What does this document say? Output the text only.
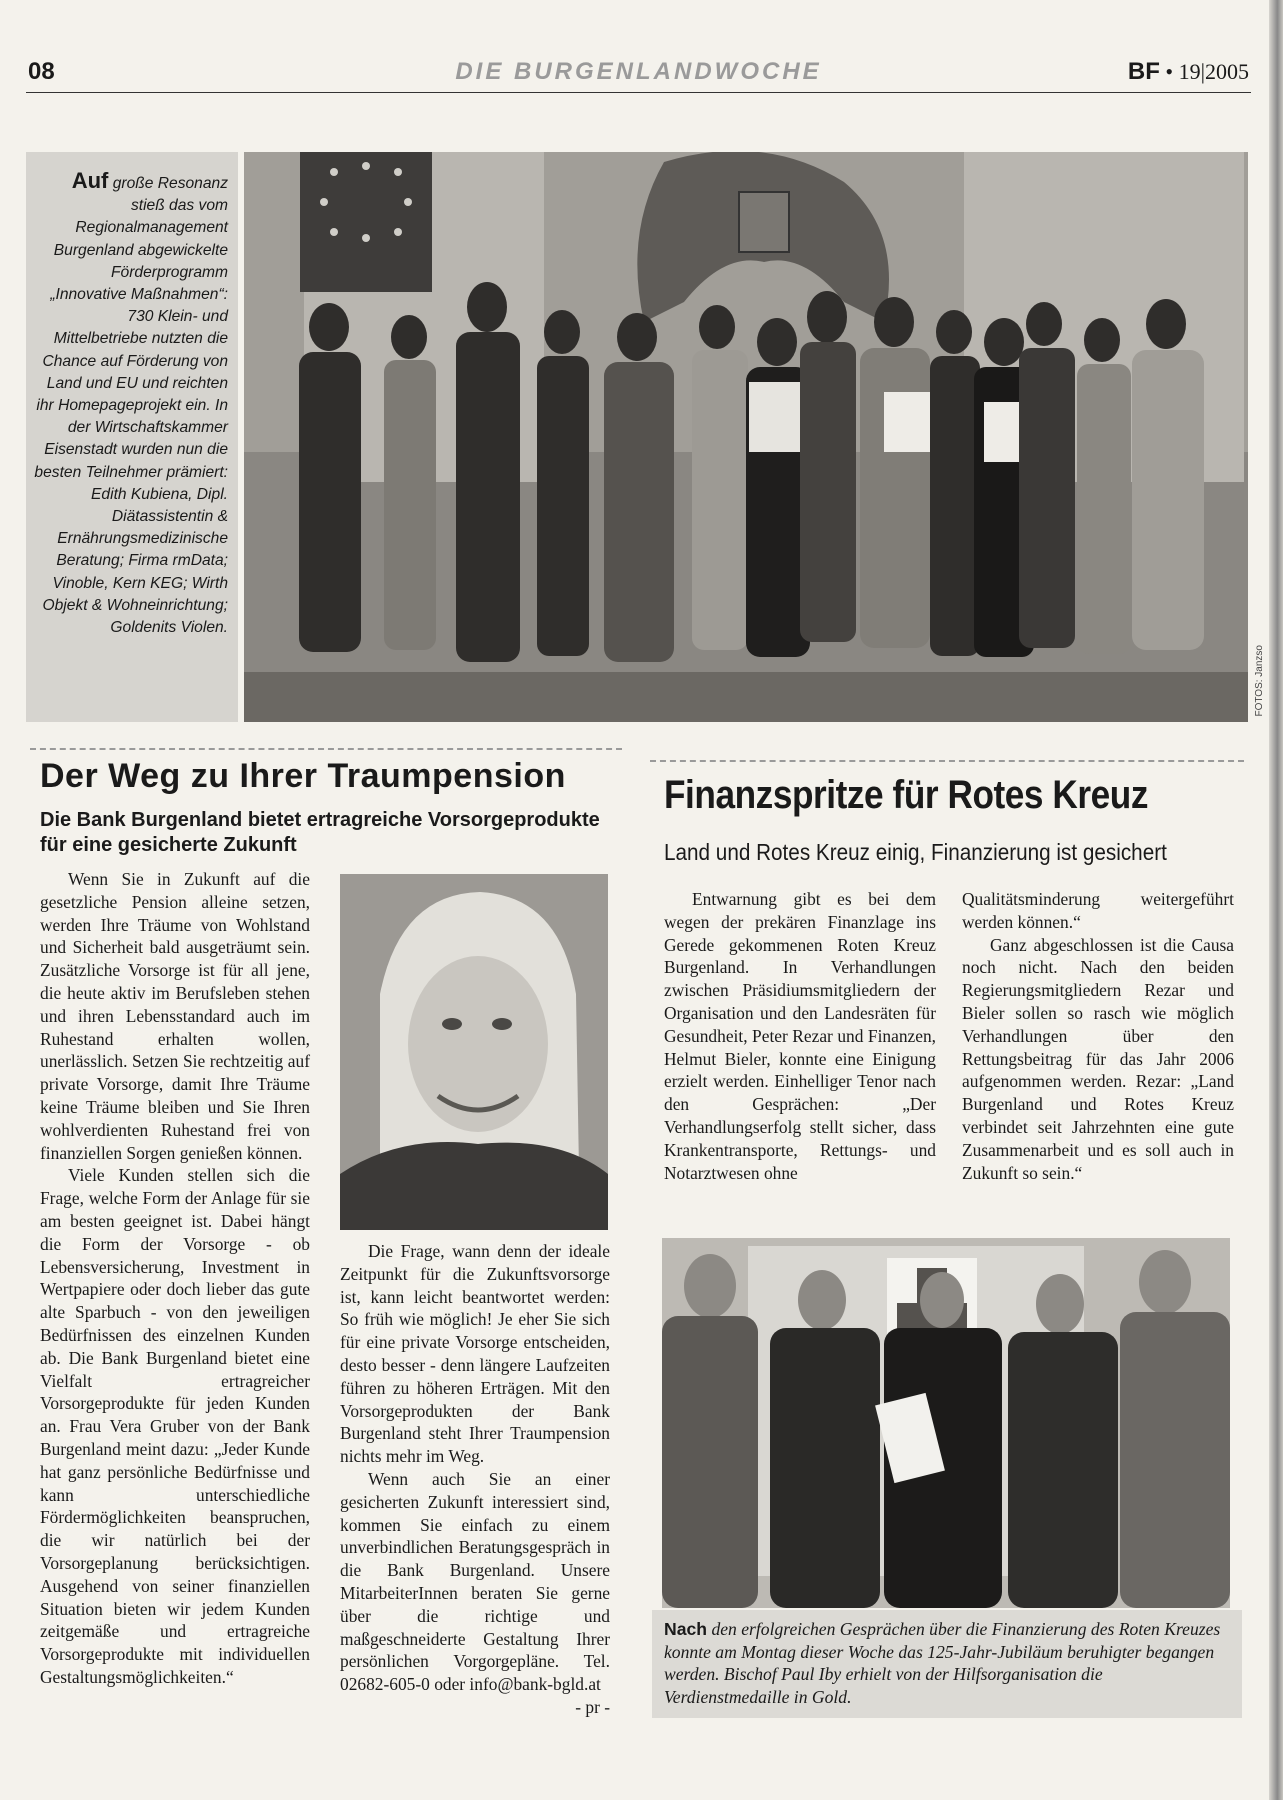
08	DIE BURGENLANDWOCHE	BF • 19|2005

Auf große Resonanz stieß das vom Regionalmanagement Burgenland abgewickelte Förderprogramm „Innovative Maßnahmen“: 730 Klein- und Mittelbetriebe nutzten die Chance auf Förderung von Land und EU und reichten ihr Homepageprojekt ein. In der Wirtschaftskammer Eisenstadt wurden nun die besten Teilnehmer prämiert: Edith Kubiena, Dipl. Diätassistentin & Ernährungsmedizinische Beratung; Firma rmData; Vinoble, Kern KEG; Wirth Objekt & Wohneinrichtung; Goldenits Violen.

FOTOS: Janzso
Der Weg zu Ihrer Traumpension
Die Bank Burgenland bietet ertragreiche Vorsorgeprodukte für eine gesicherte Zukunft

Wenn Sie in Zukunft auf die gesetzliche Pension alleine setzen, werden Ihre Träume von Wohlstand und Sicherheit bald ausgeträumt sein. Zusätzliche Vorsorge ist für all jene, die heute aktiv im Berufsleben stehen und ihren Lebensstandard auch im Ruhestand erhalten wollen, unerlässlich. Setzen Sie rechtzeitig auf private Vorsorge, damit Ihre Träume keine Träume bleiben und Sie Ihren wohlverdienten Ruhestand frei von finanziellen Sorgen genießen können.

Viele Kunden stellen sich die Frage, welche Form der Anlage für sie am besten geeignet ist. Dabei hängt die Form der Vorsorge - ob Lebensversicherung, Investment in Wertpapiere oder doch lieber das gute alte Sparbuch - von den jeweiligen Bedürfnissen des einzelnen Kunden ab. Die Bank Burgenland bietet eine Vielfalt ertragreicher Vorsorgeprodukte für jeden Kunden an. Frau Vera Gruber von der Bank Burgenland meint dazu: „Jeder Kunde hat ganz persönliche Bedürfnisse und kann unterschiedliche Fördermöglichkeiten beanspruchen, die wir natürlich bei der Vorsorgeplanung berücksichtigen. Ausgehend von seiner finanziellen Situation bieten wir jedem Kunden zeitgemäße und ertragreiche Vorsorgeprodukte mit individuellen Gestaltungsmöglichkeiten.“

Die Frage, wann denn der ideale Zeitpunkt für die Zukunftsvorsorge ist, kann leicht beantwortet werden: So früh wie möglich! Je eher Sie sich für eine private Vorsorge entscheiden, desto besser - denn längere Laufzeiten führen zu höheren Erträgen. Mit den Vorsorgeprodukten der Bank Burgenland steht Ihrer Traumpension nichts mehr im Weg.

Wenn auch Sie an einer gesicherten Zukunft interessiert sind, kommen Sie einfach zu einem unverbindlichen Beratungsgespräch in die Bank Burgenland. Unsere MitarbeiterInnen beraten Sie gerne über die richtige und maßgeschneiderte Gestaltung Ihrer persönlichen Vorgorgepläne. Tel. 02682-605-0 oder info@bank-bgld.at
- pr -

Finanzspritze für Rotes Kreuz
Land und Rotes Kreuz einig, Finanzierung ist gesichert

Entwarnung gibt es bei dem wegen der prekären Finanzlage ins Gerede gekommenen Roten Kreuz Burgenland. In Verhandlungen zwischen Präsidiumsmitgliedern der Organisation und den Landesräten für Gesundheit, Peter Rezar und Finanzen, Helmut Bieler, konnte eine Einigung erzielt werden. Einhelliger Tenor nach den Gesprächen: „Der Verhandlungserfolg stellt sicher, dass Krankentransporte, Rettungs- und Notarztwesen ohne

Qualitätsminderung weitergeführt werden können.“

Ganz abgeschlossen ist die Causa noch nicht. Nach den beiden Regierungsmitgliedern Rezar und Bieler sollen so rasch wie möglich Verhandlungen über den Rettungsbeitrag für das Jahr 2006 aufgenommen werden. Rezar: „Land Burgenland und Rotes Kreuz verbindet seit Jahrzehnten eine gute Zusammenarbeit und es soll auch in Zukunft so sein.“

Nach den erfolgreichen Gesprächen über die Finanzierung des Roten Kreuzes konnte am Montag dieser Woche das 125-Jahr-Jubiläum beruhigter begangen werden. Bischof Paul Iby erhielt von der Hilfsorganisation die Verdienstmedaille in Gold.
